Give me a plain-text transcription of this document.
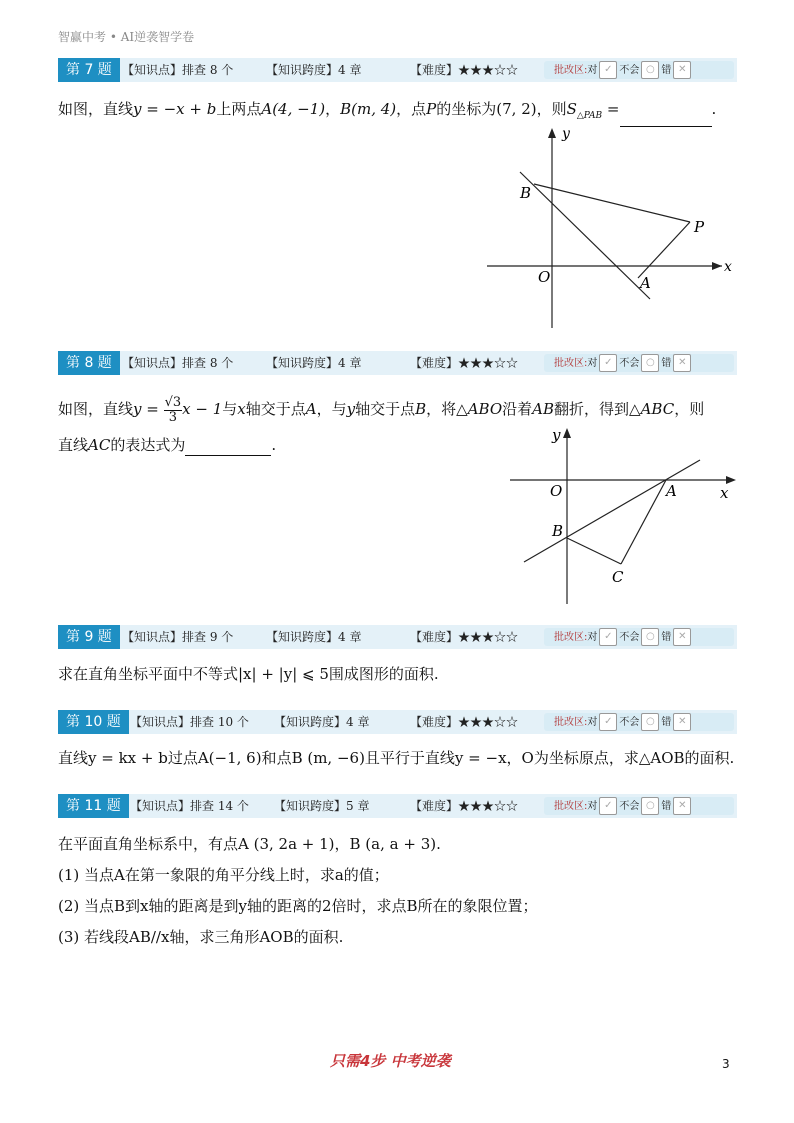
智赢中考 • AI逆袭智学卷
第 7 题 【知识点】排查 8 个	【知识跨度】4 章	【难度】★★★☆☆	批改区:对 ✓ 不会 ○ 错 ✕
第 8 题 【知识点】排查 8 个	【知识跨度】4 章	【难度】★★★☆☆	批改区:对 ✓ 不会 ○ 错 ✕
第 9 题 【知识点】排查 9 个	【知识跨度】4 章	【难度】★★★☆☆	批改区:对 ✓ 不会 ○ 错 ✕
第 10 题 【知识点】排查 10 个 【知识跨度】4 章	【难度】★★★☆☆	批改区:对 ✓ 不会 ○ 错 ✕
第 11 题 【知识点】排查 14 个 【知识跨度】5 章	【难度】★★★☆☆	批改区:对 ✓ 不会 ○ 错 ✕
如图，直线y = −x + b上两点A(4, −1)，B(m, 4)，点P的坐标为(7, 2)，则$S_{\triangle PAB}$ =	.
y
x
O	A
B
P
如图，直线$y = \frac{√3}{3}x - 1$与x轴交于点A，与y轴交于点B，将△ABO沿着AB翻折，得到△ABC，则
直线AC的表达式为	.
y
x
O	A
B
C
求在直角坐标平面中不等式|x| + |y| ⩽ 5围成图形的面积.
直线y = kx + b过点A(−1, 6)和点B (m, −6)且平行于直线y = −x，O为坐标原点，求△AOB的面积.
在平面直角坐标系中，有点A (3, 2a + 1)，B (a, a + 3).
(1) 当点A在第一象限的角平分线上时，求a的值；
(2) 当点B到x轴的距离是到y轴的距离的2倍时，求点B所在的象限位置；
(3) 若线段AB//x轴，求三角形AOB的面积.
只需4步 中考逆袭	3
